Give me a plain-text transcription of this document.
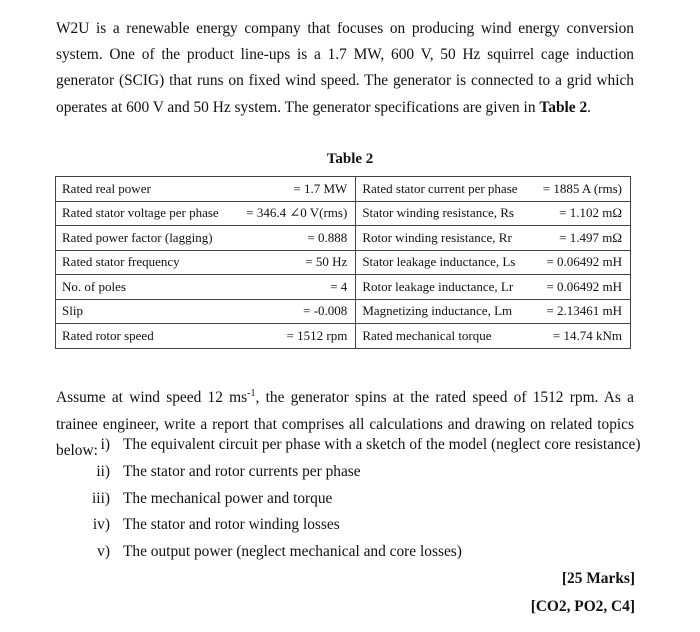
W2U is a renewable energy company that focuses on producing wind energy conversion system. One of the product line-ups is a 1.7 MW, 600 V, 50 Hz squirrel cage induction generator (SCIG) that runs on fixed wind speed. The generator is connected to a grid which operates at 600 V and 50 Hz system. The generator specifications are given in Table 2.

Table 2

Rated real power = 1.7 MW	Rated stator current per phase = 1885 A (rms)

Rated stator voltage per phase = 346.4 ∠0 V(rms)	Stator winding resistance, Rs = 1.102 mΩ

Rated power factor (lagging) = 0.888	Rotor winding resistance, Rr = 1.497 mΩ

Rated stator frequency = 50 Hz	Stator leakage inductance, Ls = 0.06492 mH

No. of poles = 4	Rotor leakage inductance, Lr = 0.06492 mH

Slip = -0.008	Magnetizing inductance, Lm = 2.13461 mH

Rated rotor speed = 1512 rpm	Rated mechanical torque = 14.74 kNm

Assume at wind speed 12 $ms^{-1}$, the generator spins at the rated speed of 1512 rpm. As a trainee engineer, write a report that comprises all calculations and drawing on related topics below: i) The equivalent circuit per phase with a sketch of the model (neglect core resistance)
ii) The stator and rotor currents per phase
iii) The mechanical power and torque
iv) The stator and rotor winding losses
v) The output power (neglect mechanical and core losses)
[25 Marks]
[CO2, PO2, C4]
